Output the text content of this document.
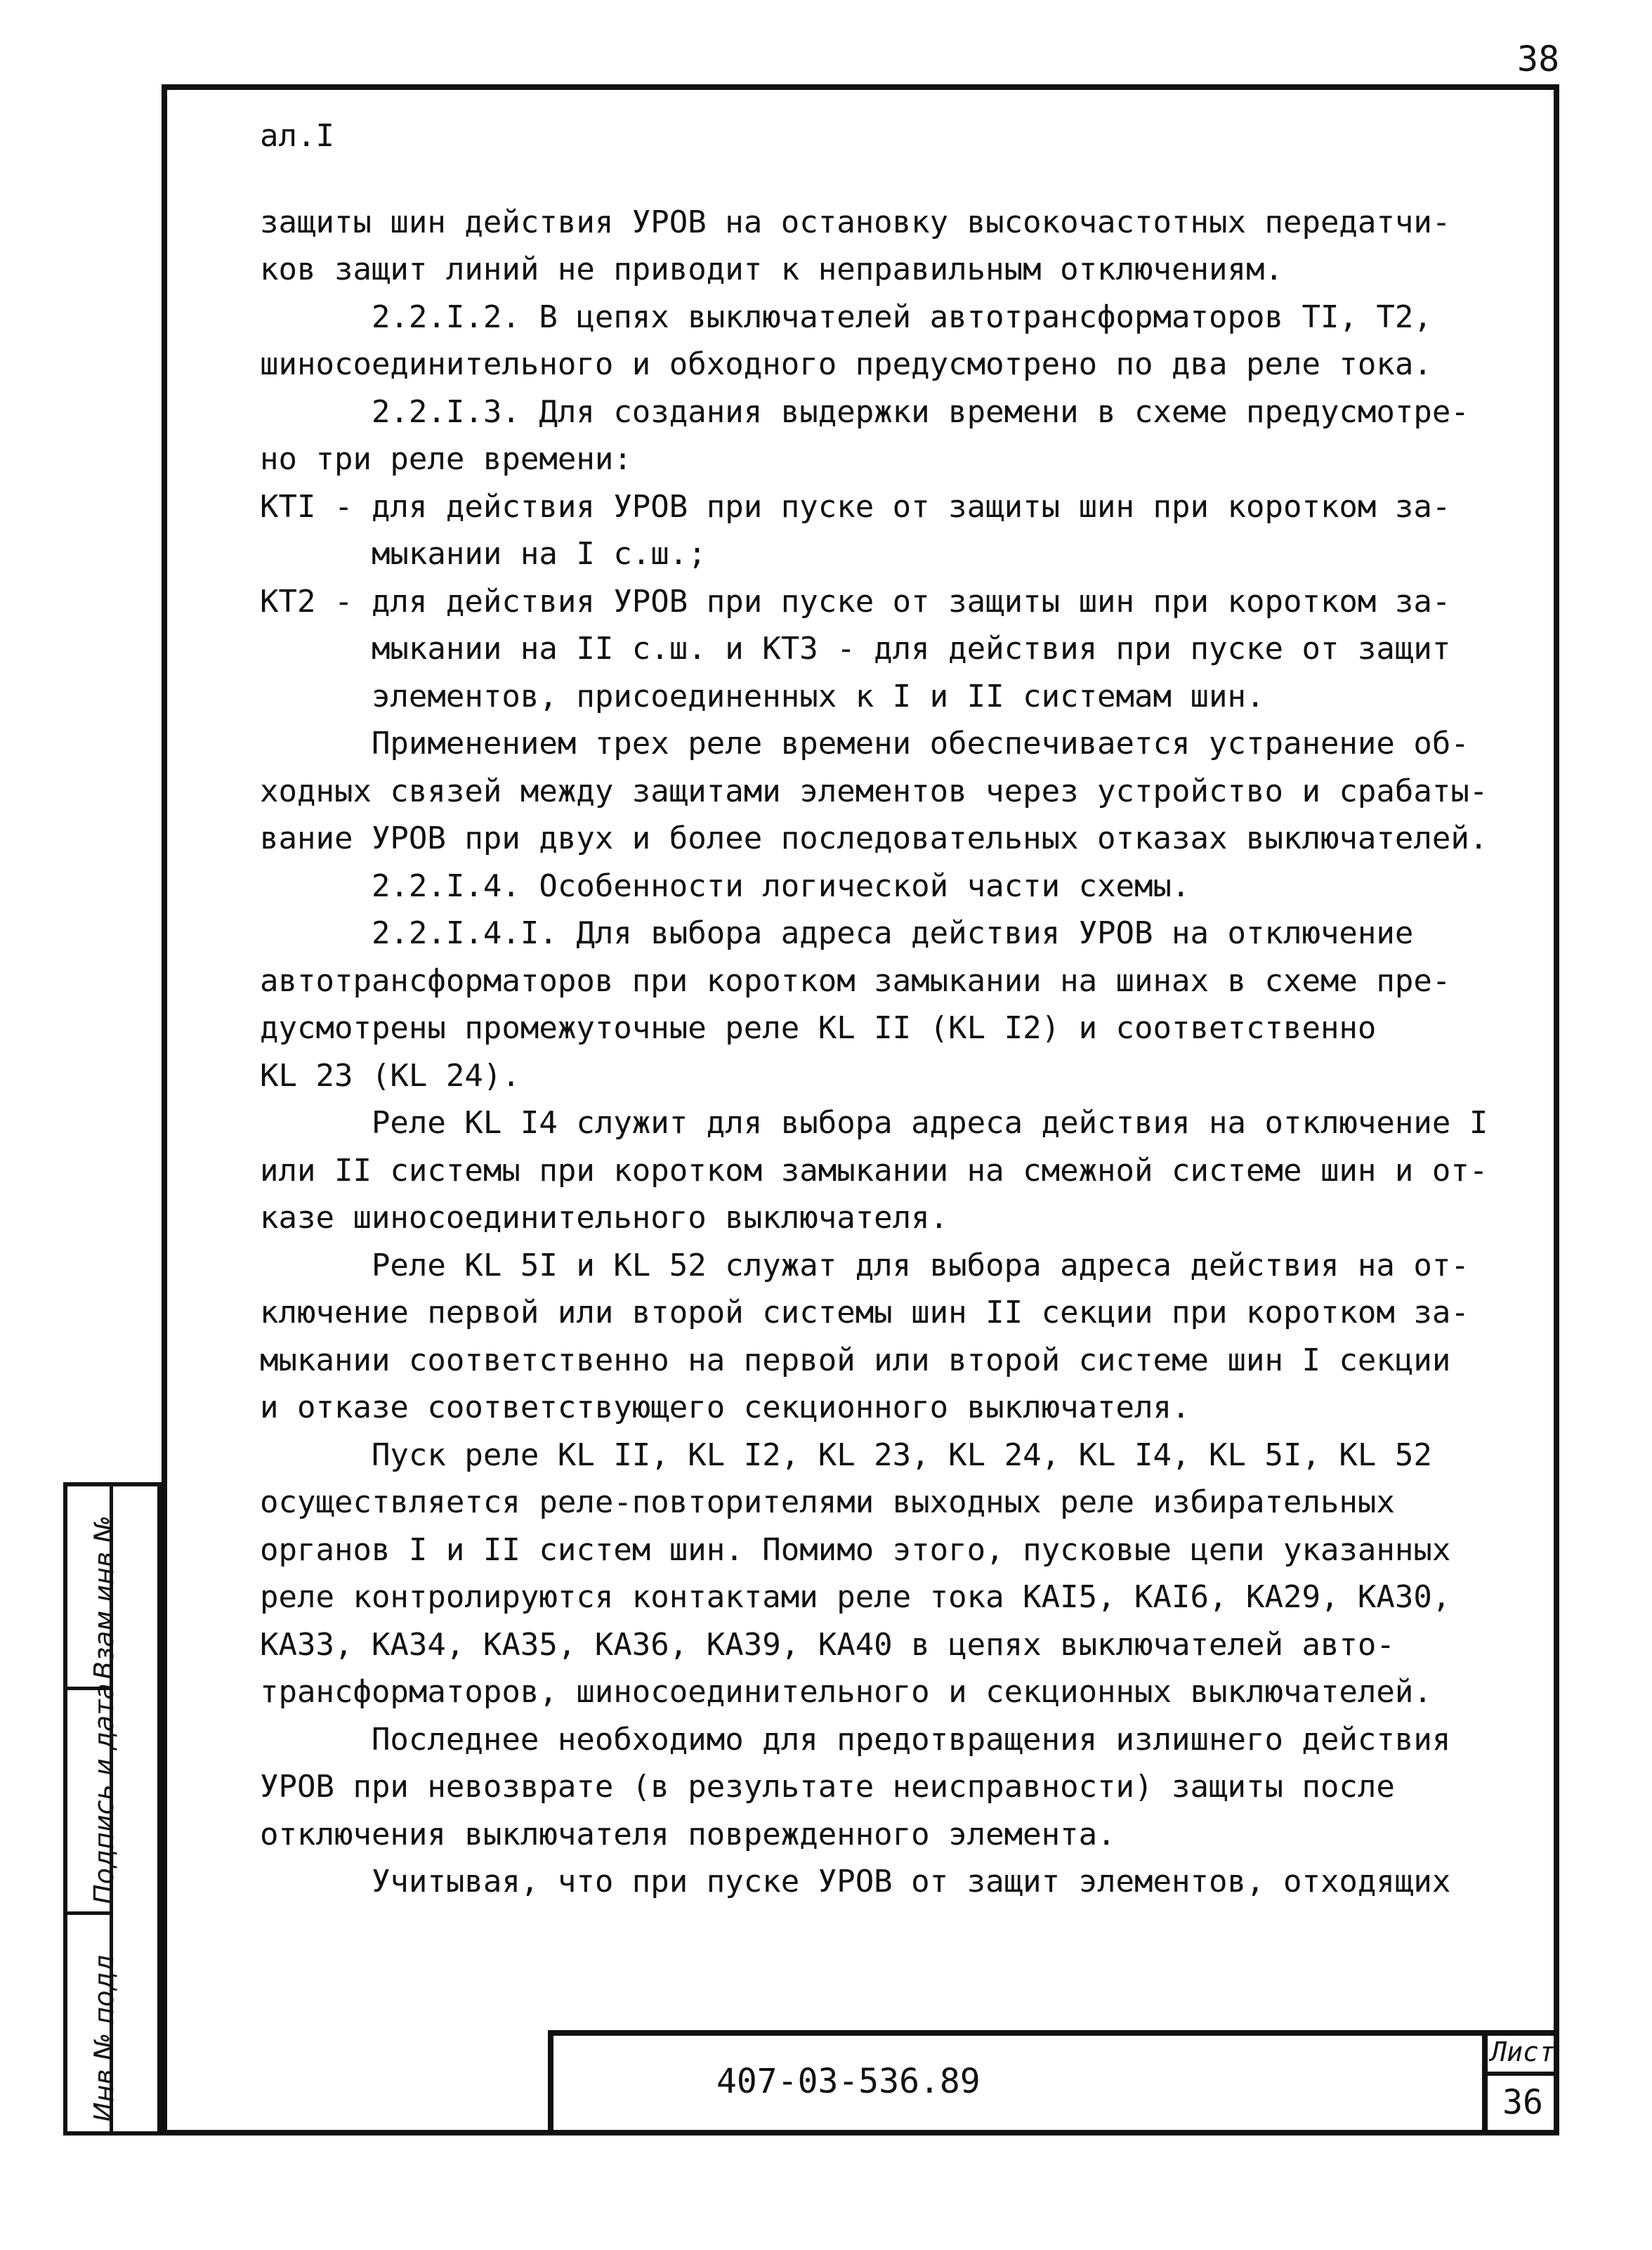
38
ал.I
защиты шин действия УРОВ на остановку высокочастотных передатчи-
ков защит линий не приводит к неправильным отключениям.
2.2.I.2. В цепях выключателей автотрансформаторов TI, T2,
шиносоединительного и обходного предусмотрено по два реле тока.
2.2.I.3. Для создания выдержки времени в схеме предусмотре-
но три реле времени:
КТI - для действия УРОВ при пуске от защиты шин при коротком за-
мыкании на I с.ш.;
КТ2 - для действия УРОВ при пуске от защиты шин при коротком за-
мыкании на II с.ш. и КТ3 - для действия при пуске от защит
элементов, присоединенных к I и II системам шин.
Применением трех реле времени обеспечивается устранение об-
ходных связей между защитами элементов через устройство и срабаты-
вание УРОВ при двух и более последовательных отказах выключателей.
2.2.I.4. Особенности логической части схемы.
2.2.I.4.I. Для выбора адреса действия УРОВ на отключение
автотрансформаторов при коротком замыкании на шинах в схеме пре-
дусмотрены промежуточные реле KL II (KL I2) и соответственно
KL 23 (KL 24).
Реле KL I4 служит для выбора адреса действия на отключение I
или II системы при коротком замыкании на смежной системе шин и от-
казе шиносоединительного выключателя.
Реле KL 5I и KL 52 служат для выбора адреса действия на от-
ключение первой или второй системы шин II секции при коротком за-
мыкании соответственно на первой или второй системе шин I секции
и отказе соответствующего секционного выключателя.
Пуск реле KL II, KL I2, KL 23, KL 24, KL I4, KL 5I, KL 52
осуществляется реле-повторителями выходных реле избирательных
органов I и II систем шин. Помимо этого, пусковые цепи указанных
реле контролируются контактами реле тока КАI5, КАI6, КА29, КА30,
КА33, КА34, КА35, КА36, КА39, КА40 в цепях выключателей авто-
трансформаторов, шиносоединительного и секционных выключателей.
Последнее необходимо для предотвращения излишнего действия
УРОВ при невозврате (в результате неисправности) защиты после
отключения выключателя поврежденного элемента.
Учитывая, что при пуске УРОВ от защит элементов, отходящих
407-03-536.89
Лист
36
Взам.инв.№
Подпись и дата
Инв.№ подл.
